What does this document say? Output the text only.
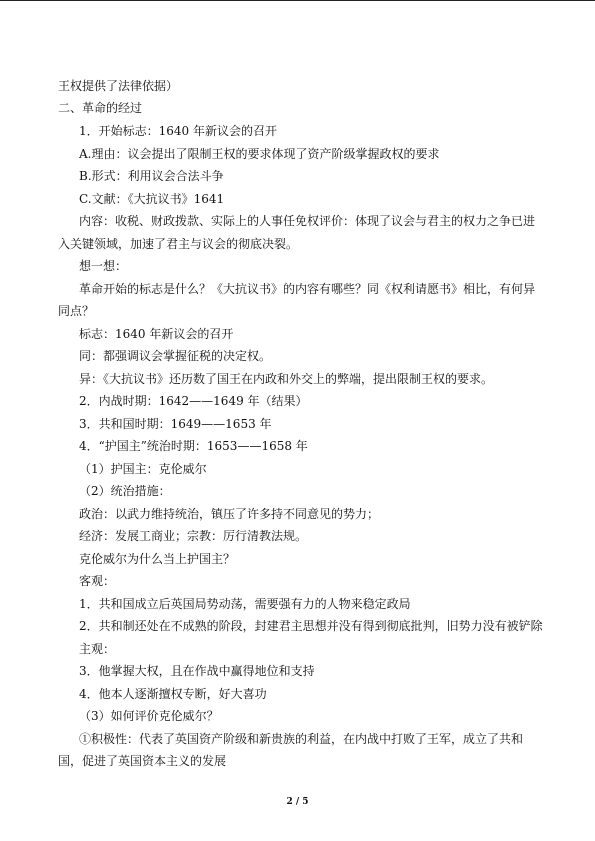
王权提供了法律依据）
二、革命的经过
1．开始标志：1640 年新议会的召开
A.理由：议会提出了限制王权的要求体现了资产阶级掌握政权的要求
B.形式：利用议会合法斗争
C.文献：《大抗议书》1641
内容：收税、财政拨款、实际上的人事任免权评价：体现了议会与君主的权力之争已进
入关键领域，加速了君主与议会的彻底决裂。
想一想：
革命开始的标志是什么？《大抗议书》的内容有哪些？同《权利请愿书》相比，有何异
同点？
标志：1640 年新议会的召开
同：都强调议会掌握征税的决定权。
异：《大抗议书》还历数了国王在内政和外交上的弊端，提出限制王权的要求。
2．内战时期：1642——1649 年（结果）
3．共和国时期：1649——1653 年
4．“护国主”统治时期：1653——1658 年
（1）护国主：克伦威尔
（2）统治措施：
政治：以武力维持统治，镇压了许多持不同意见的势力；
经济：发展工商业；宗教：厉行清教法规。
克伦威尔为什么当上护国主？
客观：
1．共和国成立后英国局势动荡，需要强有力的人物来稳定政局
2．共和制还处在不成熟的阶段，封建君主思想并没有得到彻底批判，旧势力没有被铲除
主观：
3．他掌握大权，且在作战中赢得地位和支持
4．他本人逐渐擅权专断，好大喜功
（3）如何评价克伦威尔？
①积极性：代表了英国资产阶级和新贵族的利益，在内战中打败了王军，成立了共和
国，促进了英国资本主义的发展
2 / 5
